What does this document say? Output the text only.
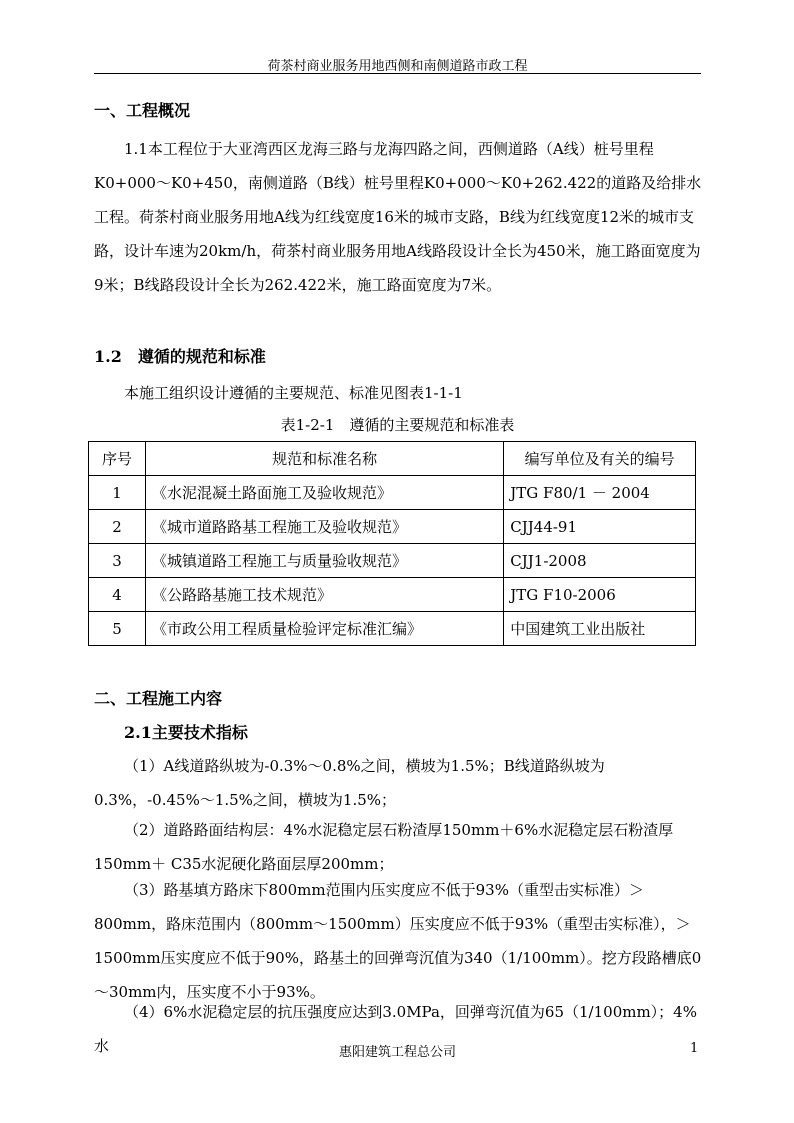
荷茶村商业服务用地西侧和南侧道路市政工程

一、工程概况

1.1本工程位于大亚湾西区龙海三路与龙海四路之间，西侧道路（A线）桩号里程K0+000～K0+450，南侧道路（B线）桩号里程K0+000～K0+262.422的道路及给排水工程。荷茶村商业服务用地A线为红线宽度16米的城市支路，B线为红线宽度12米的城市支路，设计车速为20km/h，荷茶村商业服务用地A线路段设计全长为450米，施工路面宽度为9米；B线路段设计全长为262.422米，施工路面宽度为7米。

1.2　遵循的规范和标准

本施工组织设计遵循的主要规范、标准见图表1-1-1

表1-2-1　遵循的主要规范和标准表
序号	规范和标准名称	编写单位及有关的编号
1	《水泥混凝土路面施工及验收规范》	JTG F80/1 － 2004
2	《城市道路路基工程施工及验收规范》	CJJ44-91
3	《城镇道路工程施工与质量验收规范》	CJJ1-2008
4	《公路路基施工技术规范》	JTG F10-2006
5	《市政公用工程质量检验评定标准汇编》	中国建筑工业出版社

二、工程施工内容

2.1主要技术指标

（1）A线道路纵坡为-0.3%～0.8%之间，横坡为1.5%；B线道路纵坡为0.3%，-0.45%～1.5%之间，横坡为1.5%；

（2）道路路面结构层：4%水泥稳定层石粉渣厚150mm＋6%水泥稳定层石粉渣厚150mm＋ C35水泥硬化路面层厚200mm；

（3）路基填方路床下800mm范围内压实度应不低于93%（重型击实标准）＞800mm，路床范围内（800mm～1500mm）压实度应不低于93%（重型击实标准），＞1500mm压实度应不低于90%，路基土的回弹弯沉值为340（1/100mm）。挖方段路槽底0～30mm内，压实度不小于93%。

（4）6%水泥稳定层的抗压强度应达到3.0MPa，回弹弯沉值为65（1/100mm）；4%水	惠阳建筑工程总公司	1
